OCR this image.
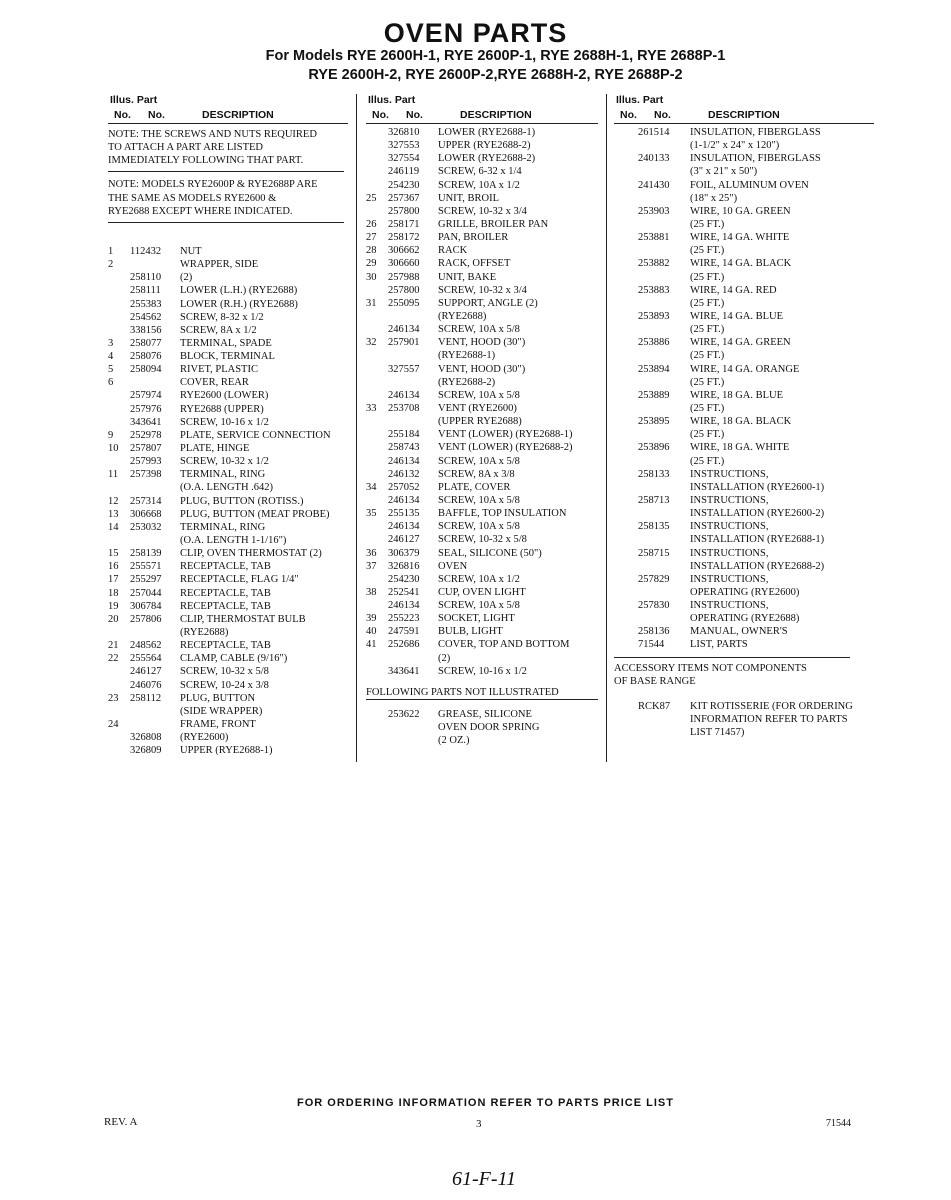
OVEN PARTS
For Models RYE 2600H-1, RYE 2600P-1, RYE 2688H-1, RYE 2688P-1
RYE 2600H-2, RYE 2600P-2,RYE 2688H-2, RYE 2688P-2
Illus. Part
No. No.	DESCRIPTION
NOTE: THE SCREWS AND NUTS REQUIRED
TO ATTACH A PART ARE LISTED
IMMEDIATELY FOLLOWING THAT PART.
NOTE: MODELS RYE2600P & RYE2688P ARE
THE SAME AS MODELS RYE2600 &
RYE2688 EXCEPT WHERE INDICATED.
1	112432	NUT
2	WRAPPER, SIDE
258110	(2)
258111	LOWER (L.H.) (RYE2688)
255383	LOWER (R.H.) (RYE2688)
254562	SCREW, 8-32 x 1/2
338156	SCREW, 8A x 1/2
3	258077	TERMINAL, SPADE
4	258076	BLOCK, TERMINAL
5	258094	RIVET, PLASTIC
6	COVER, REAR
257974	RYE2600 (LOWER)
257976	RYE2688 (UPPER)
343641	SCREW, 10-16 x 1/2
9	252978	PLATE, SERVICE CONNECTION
10	257807	PLATE, HINGE
257993	SCREW, 10-32 x 1/2
11	257398	TERMINAL, RING
(O.A. LENGTH .642)
12	257314	PLUG, BUTTON (ROTISS.)
13	306668	PLUG, BUTTON (MEAT PROBE)
14	253032	TERMINAL, RING
(O.A. LENGTH 1-1/16")
15	258139	CLIP, OVEN THERMOSTAT (2)
16	255571	RECEPTACLE, TAB
17	255297	RECEPTACLE, FLAG 1/4"
18	257044	RECEPTACLE, TAB
19	306784	RECEPTACLE, TAB
20	257806	CLIP, THERMOSTAT BULB
(RYE2688)
21	248562	RECEPTACLE, TAB
22	255564	CLAMP, CABLE (9/16")
246127	SCREW, 10-32 x 5/8
246076	SCREW, 10-24 x 3/8
23	258112	PLUG, BUTTON
(SIDE WRAPPER)
24	FRAME, FRONT
326808	(RYE2600)
326809	UPPER (RYE2688-1)
Illus. Part
No. No.	DESCRIPTION
326810	LOWER (RYE2688-1)
327553	UPPER (RYE2688-2)
327554	LOWER (RYE2688-2)
246119	SCREW, 6-32 x 1/4
254230	SCREW, 10A x 1/2
25	257367	UNIT, BROIL
257800	SCREW, 10-32 x 3/4
26	258171	GRILLE, BROILER PAN
27	258172	PAN, BROILER
28	306662	RACK
29	306660	RACK, OFFSET
30	257988	UNIT, BAKE
257800	SCREW, 10-32 x 3/4
31	255095	SUPPORT, ANGLE (2)
(RYE2688)
246134	SCREW, 10A x 5/8
32	257901	VENT, HOOD (30")
(RYE2688-1)
327557	VENT, HOOD (30")
(RYE2688-2)
246134	SCREW, 10A x 5/8
33	253708	VENT (RYE2600)
(UPPER RYE2688)
255184	VENT (LOWER) (RYE2688-1)
258743	VENT (LOWER) (RYE2688-2)
246134	SCREW, 10A x 5/8
246132	SCREW, 8A x 3/8
34	257052	PLATE, COVER
246134	SCREW, 10A x 5/8
35	255135	BAFFLE, TOP INSULATION
246134	SCREW, 10A x 5/8
246127	SCREW, 10-32 x 5/8
36	306379	SEAL, SILICONE (50")
37	326816	OVEN
254230	SCREW, 10A x 1/2
38	252541	CUP, OVEN LIGHT
246134	SCREW, 10A x 5/8
39	255223	SOCKET, LIGHT
40	247591	BULB, LIGHT
41	252686	COVER, TOP AND BOTTOM
(2)
343641	SCREW, 10-16 x 1/2
FOLLOWING PARTS NOT ILLUSTRATED
253622	GREASE, SILICONE
OVEN DOOR SPRING
(2 OZ.)
Illus. Part
No. No.	DESCRIPTION
261514	INSULATION, FIBERGLASS
(1-1/2" x 24" x 120")
240133	INSULATION, FIBERGLASS
(3" x 21" x 50")
241430	FOIL, ALUMINUM OVEN
(18" x 25")
253903	WIRE, 10 GA. GREEN
(25 FT.)
253881	WIRE, 14 GA. WHITE
(25 FT.)
253882	WIRE, 14 GA. BLACK
(25 FT.)
253883	WIRE, 14 GA. RED
(25 FT.)
253893	WIRE, 14 GA. BLUE
(25 FT.)
253886	WIRE, 14 GA. GREEN
(25 FT.)
253894	WIRE, 14 GA. ORANGE
(25 FT.)
253889	WIRE, 18 GA. BLUE
(25 FT.)
253895	WIRE, 18 GA. BLACK
(25 FT.)
253896	WIRE, 18 GA. WHITE
(25 FT.)
258133	INSTRUCTIONS,
INSTALLATION (RYE2600-1)
258713	INSTRUCTIONS,
INSTALLATION (RYE2600-2)
258135	INSTRUCTIONS,
INSTALLATION (RYE2688-1)
258715	INSTRUCTIONS,
INSTALLATION (RYE2688-2)
257829	INSTRUCTIONS,
OPERATING (RYE2600)
257830	INSTRUCTIONS,
OPERATING (RYE2688)
258136	MANUAL, OWNER'S
71544	LIST, PARTS
ACCESSORY ITEMS NOT COMPONENTS
OF BASE RANGE
RCK87	KIT ROTISSERIE (FOR ORDERING
INFORMATION REFER TO PARTS
LIST 71457)
FOR ORDERING INFORMATION REFER TO PARTS PRICE LIST
REV. A	3	71544
61-F-11
